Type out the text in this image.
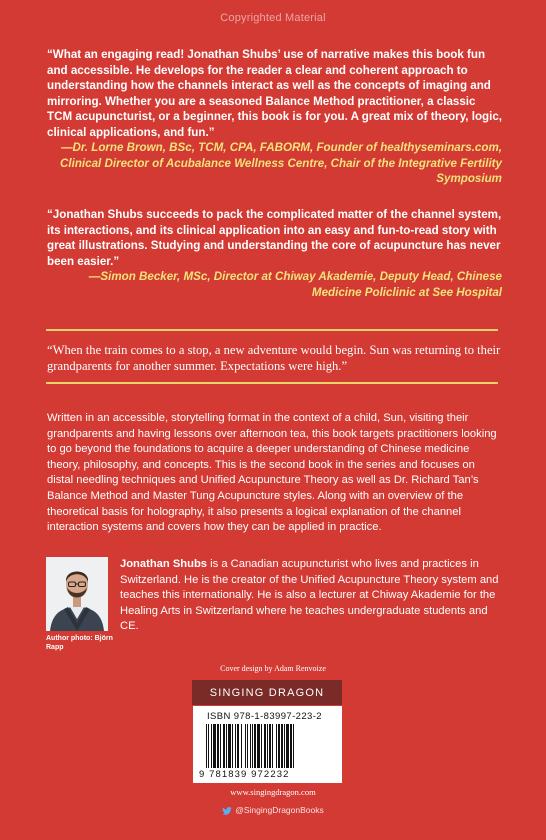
Copyrighted Material
“What an engaging read! Jonathan Shubs’ use of narrative makes this book fun and accessible. He develops for the reader a clear and coherent approach to understanding how the channels interact as well as the concepts of imaging and mirroring. Whether you are a seasoned Balance Method practitioner, a classic TCM acupuncturist, or a beginner, this book is for you. A great mix of theory, logic, clinical applications, and fun.”
—Dr. Lorne Brown, BSc, TCM, CPA, FABORM, Founder of healthyseminars.com, Clinical Director of Acubalance Wellness Centre, Chair of the Integrative Fertility Symposium
“Jonathan Shubs succeeds to pack the complicated matter of the channel system, its interactions, and its clinical application into an easy and fun-to-read story with great illustrations. Studying and understanding the core of acupuncture has never been easier.”
—Simon Becker, MSc, Director at Chiway Akademie, Deputy Head, Chinese Medicine Policlinic at See Hospital
“When the train comes to a stop, a new adventure would begin. Sun was returning to their grandparents for another summer. Expectations were high.”
Written in an accessible, storytelling format in the context of a child, Sun, visiting their grandparents and having lessons over afternoon tea, this book targets practitioners looking to go beyond the foundations to acquire a deeper understanding of Chinese medicine theory, philosophy, and concepts. This is the second book in the series and focuses on distal needling techniques and Unified Acupuncture Theory as well as Dr. Richard Tan’s Balance Method and Master Tung Acupuncture styles. Along with an overview of the theoretical basis for holography, it also presents a logical explanation of the channel interaction systems and covers how they can be applied in practice.
Author photo: Björn Rapp
Jonathan Shubs is a Canadian acupuncturist who lives and practices in Switzerland. He is the creator of the Unified Acupuncture Theory system and teaches this internationally. He is also a lecturer at Chiway Akademie for the Healing Arts in Switzerland where he teaches undergraduate students and CE.
Cover design by Adam Renvoize
SINGING DRAGON
ISBN 978-1-83997-223-2
9 781839 972232
www.singingdragon.com
@SingingDragonBooks
